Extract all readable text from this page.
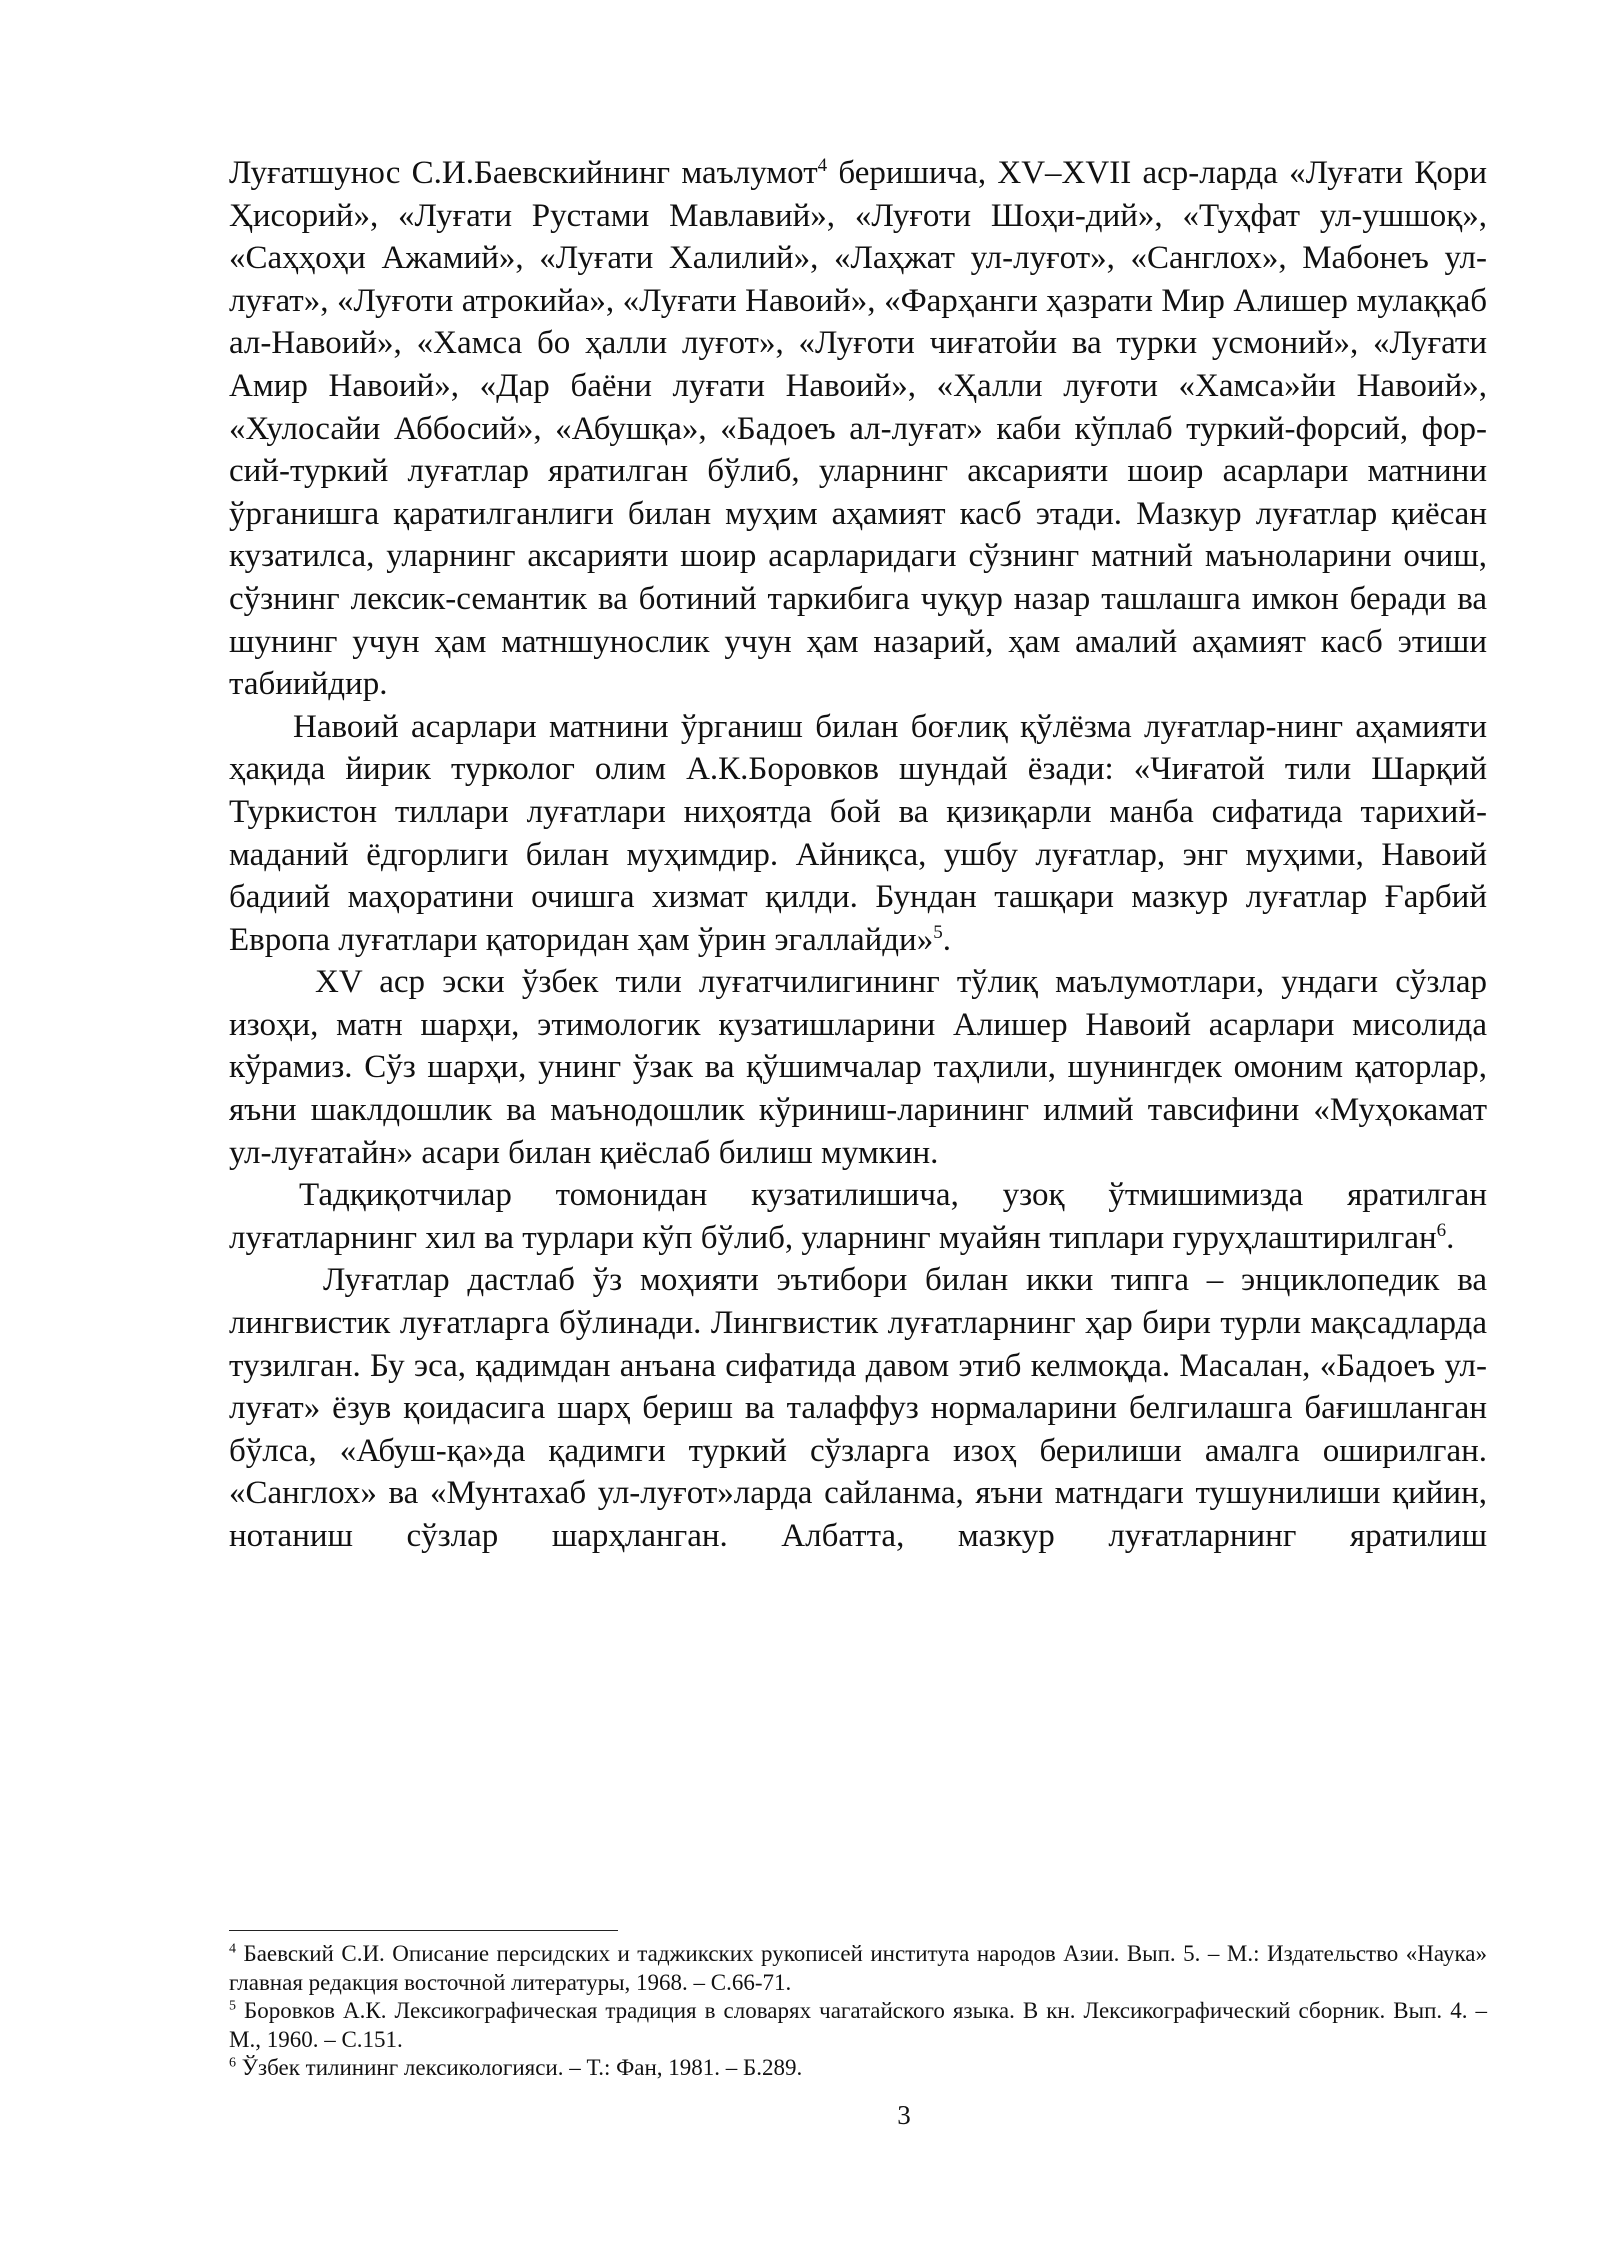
Луғатшунос С.И.Баевскийнинг маълумот$^4$ беришича, XV–XVII аср-ларда «Луғати Қори Ҳисорий», «Луғати Рустами Мавлавий», «Луғоти Шоҳи-дий», «Туҳфат ул-ушшоқ», «Саҳҳоҳи Ажамий», «Луғати Халилий», «Лаҳжат ул-луғот», «Санглох», Мабонеъ ул-луғат», «Луғоти атрокийа», «Луғати Навоий», «Фарҳанги ҳазрати Мир Алишер мулаққаб ал-Навоий», «Хамса бо ҳалли луғот», «Луғоти чиғатойи ва турки усмоний», «Луғати Амир Навоий», «Дар баёни луғати Навоий», «Ҳалли луғоти «Хамса»йи Навоий», «Хулосайи Аббосий», «Абушқа», «Бадоеъ ал-луғат» каби кўплаб туркий-форсий, фор-сий-туркий луғатлар яратилган бўлиб, уларнинг аксарияти шоир асарлари матнини ўрганишга қаратилганлиги билан муҳим аҳамият касб этади. Мазкур луғатлар қиёсан кузатилса, уларнинг аксарияти шоир асарларидаги сўзнинг матний маъноларини очиш, сўзнинг лексик-семантик ва ботиний таркибига чуқур назар ташлашга имкон беради ва шунинг учун ҳам матншунослик учун ҳам назарий, ҳам амалий аҳамият касб этиши табиийдир.

Навоий асарлари матнини ўрганиш билан боғлиқ қўлёзма луғатлар-нинг аҳамияти ҳақида йирик турколог олим А.К.Боровков шундай ёзади: «Чиғатой тили Шарқий Туркистон тиллари луғатлари ниҳоятда бой ва қизиқарли манба сифатида тарихий-маданий ёдгорлиги билан муҳимдир. Айниқса, ушбу луғатлар, энг муҳими, Навоий бадиий маҳоратини очишга хизмат қилди. Бундан ташқари мазкур луғатлар Ғарбий Европа луғатлари қаторидан ҳам ўрин эгаллайди»$^5$.

XV аср эски ўзбек тили луғатчилигининг тўлиқ маълумотлари, ундаги сўзлар изоҳи, матн шарҳи, этимологик кузатишларини Алишер Навоий асарлари мисолида кўрамиз. Сўз шарҳи, унинг ўзак ва қўшимчалар таҳлили, шунингдек омоним қаторлар, яъни шаклдошлик ва маънодошлик кўриниш-ларининг илмий тавсифини «Муҳокамат ул-луғатайн» асари билан қиёслаб билиш мумкин.

Тадқиқотчилар томонидан кузатилишича, узоқ ўтмишимизда яратилган луғатларнинг хил ва турлари кўп бўлиб, уларнинг муайян типлари гуруҳлаштирилган$^6$.

Луғатлар дастлаб ўз моҳияти эътибори билан икки типга – энциклопедик ва лингвистик луғатларга бўлинади. Лингвистик луғатларнинг ҳар бири турли мақсадларда тузилган. Бу эса, қадимдан анъана сифатида давом этиб келмоқда. Масалан, «Бадоеъ ул-луғат» ёзув қоидасига шарҳ бериш ва талаффуз нормаларини белгилашга бағишланган бўлса, «Абуш-қа»да қадимги туркий сўзларга изоҳ берилиши амалга оширилган. «Санглох» ва «Мунтахаб ул-луғот»ларда сайланма, яъни матндаги тушунилиши қийин, нотаниш сўзлар шарҳланган. Албатта, мазкур луғатларнинг яратилиш

$^4$ Баевский С.И. Описание персидских и таджикских рукописей института народов Азии. Вып. 5. – М.: Издательство «Наука» главная редакция восточной литературы, 1968. – С.66-71.

$^5$ Боровков А.К. Лексикографическая традиция в словарях чагатайского языка. В кн. Лексикографический сборник. Вып. 4. – М., 1960. – С.151.

$^6$ Ўзбек тилининг лексикологияси. – Т.: Фан, 1981. – Б.289.

3
